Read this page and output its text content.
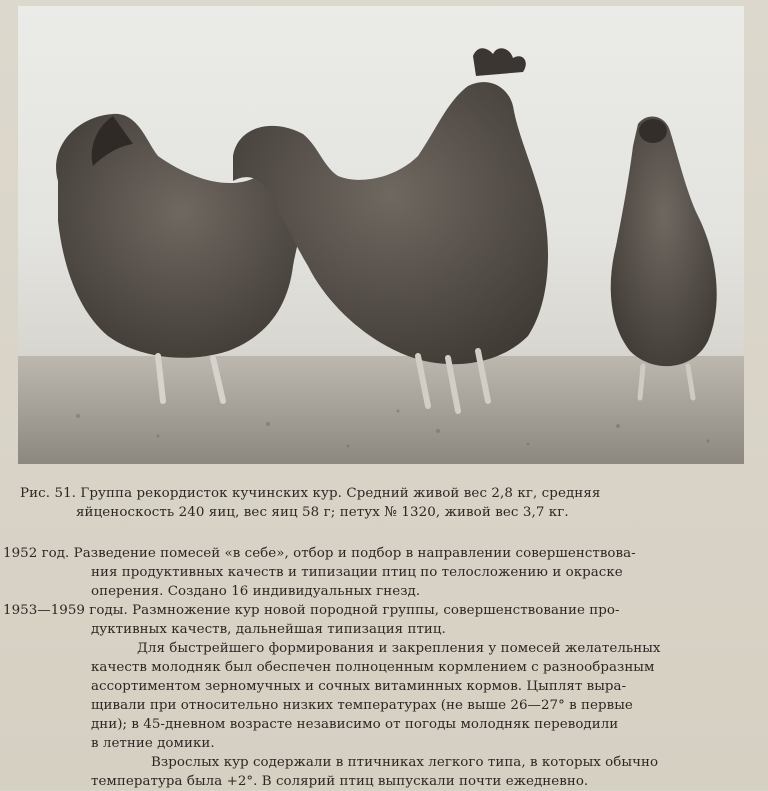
Рис. 51. Группа рекордисток кучинских кур. Средний живой вес 2,8 кг, средняя
яйценоскость 240 яиц, вес яиц 58 г; петух № 1320, живой вес 3,7 кг.
1952 год. Разведение помесей «в себе», отбор и подбор в направлении совершенствова-
ния продуктивных качеств и типизации птиц по телосложению и окраске
оперения. Создано 16 индивидуальных гнезд.
1953—1959 годы. Размножение кур новой породной группы, совершенствование про-
дуктивных качеств, дальнейшая типизация птиц.
Для быстрейшего формирования и закрепления у помесей желательных
качеств молодняк был обеспечен полноценным кормлением с разнообразным
ассортиментом зерномучных и сочных витаминных кормов. Цыплят выра-
щивали при относительно низких температурах (не выше 26—27° в первые
дни); в 45-дневном возрасте независимо от погоды молодняк переводили
в летние домики.
Взрослых кур содержали в птичниках легкого типа, в которых обычно
температура была +2°. В солярий птиц выпускали почти ежедневно.
